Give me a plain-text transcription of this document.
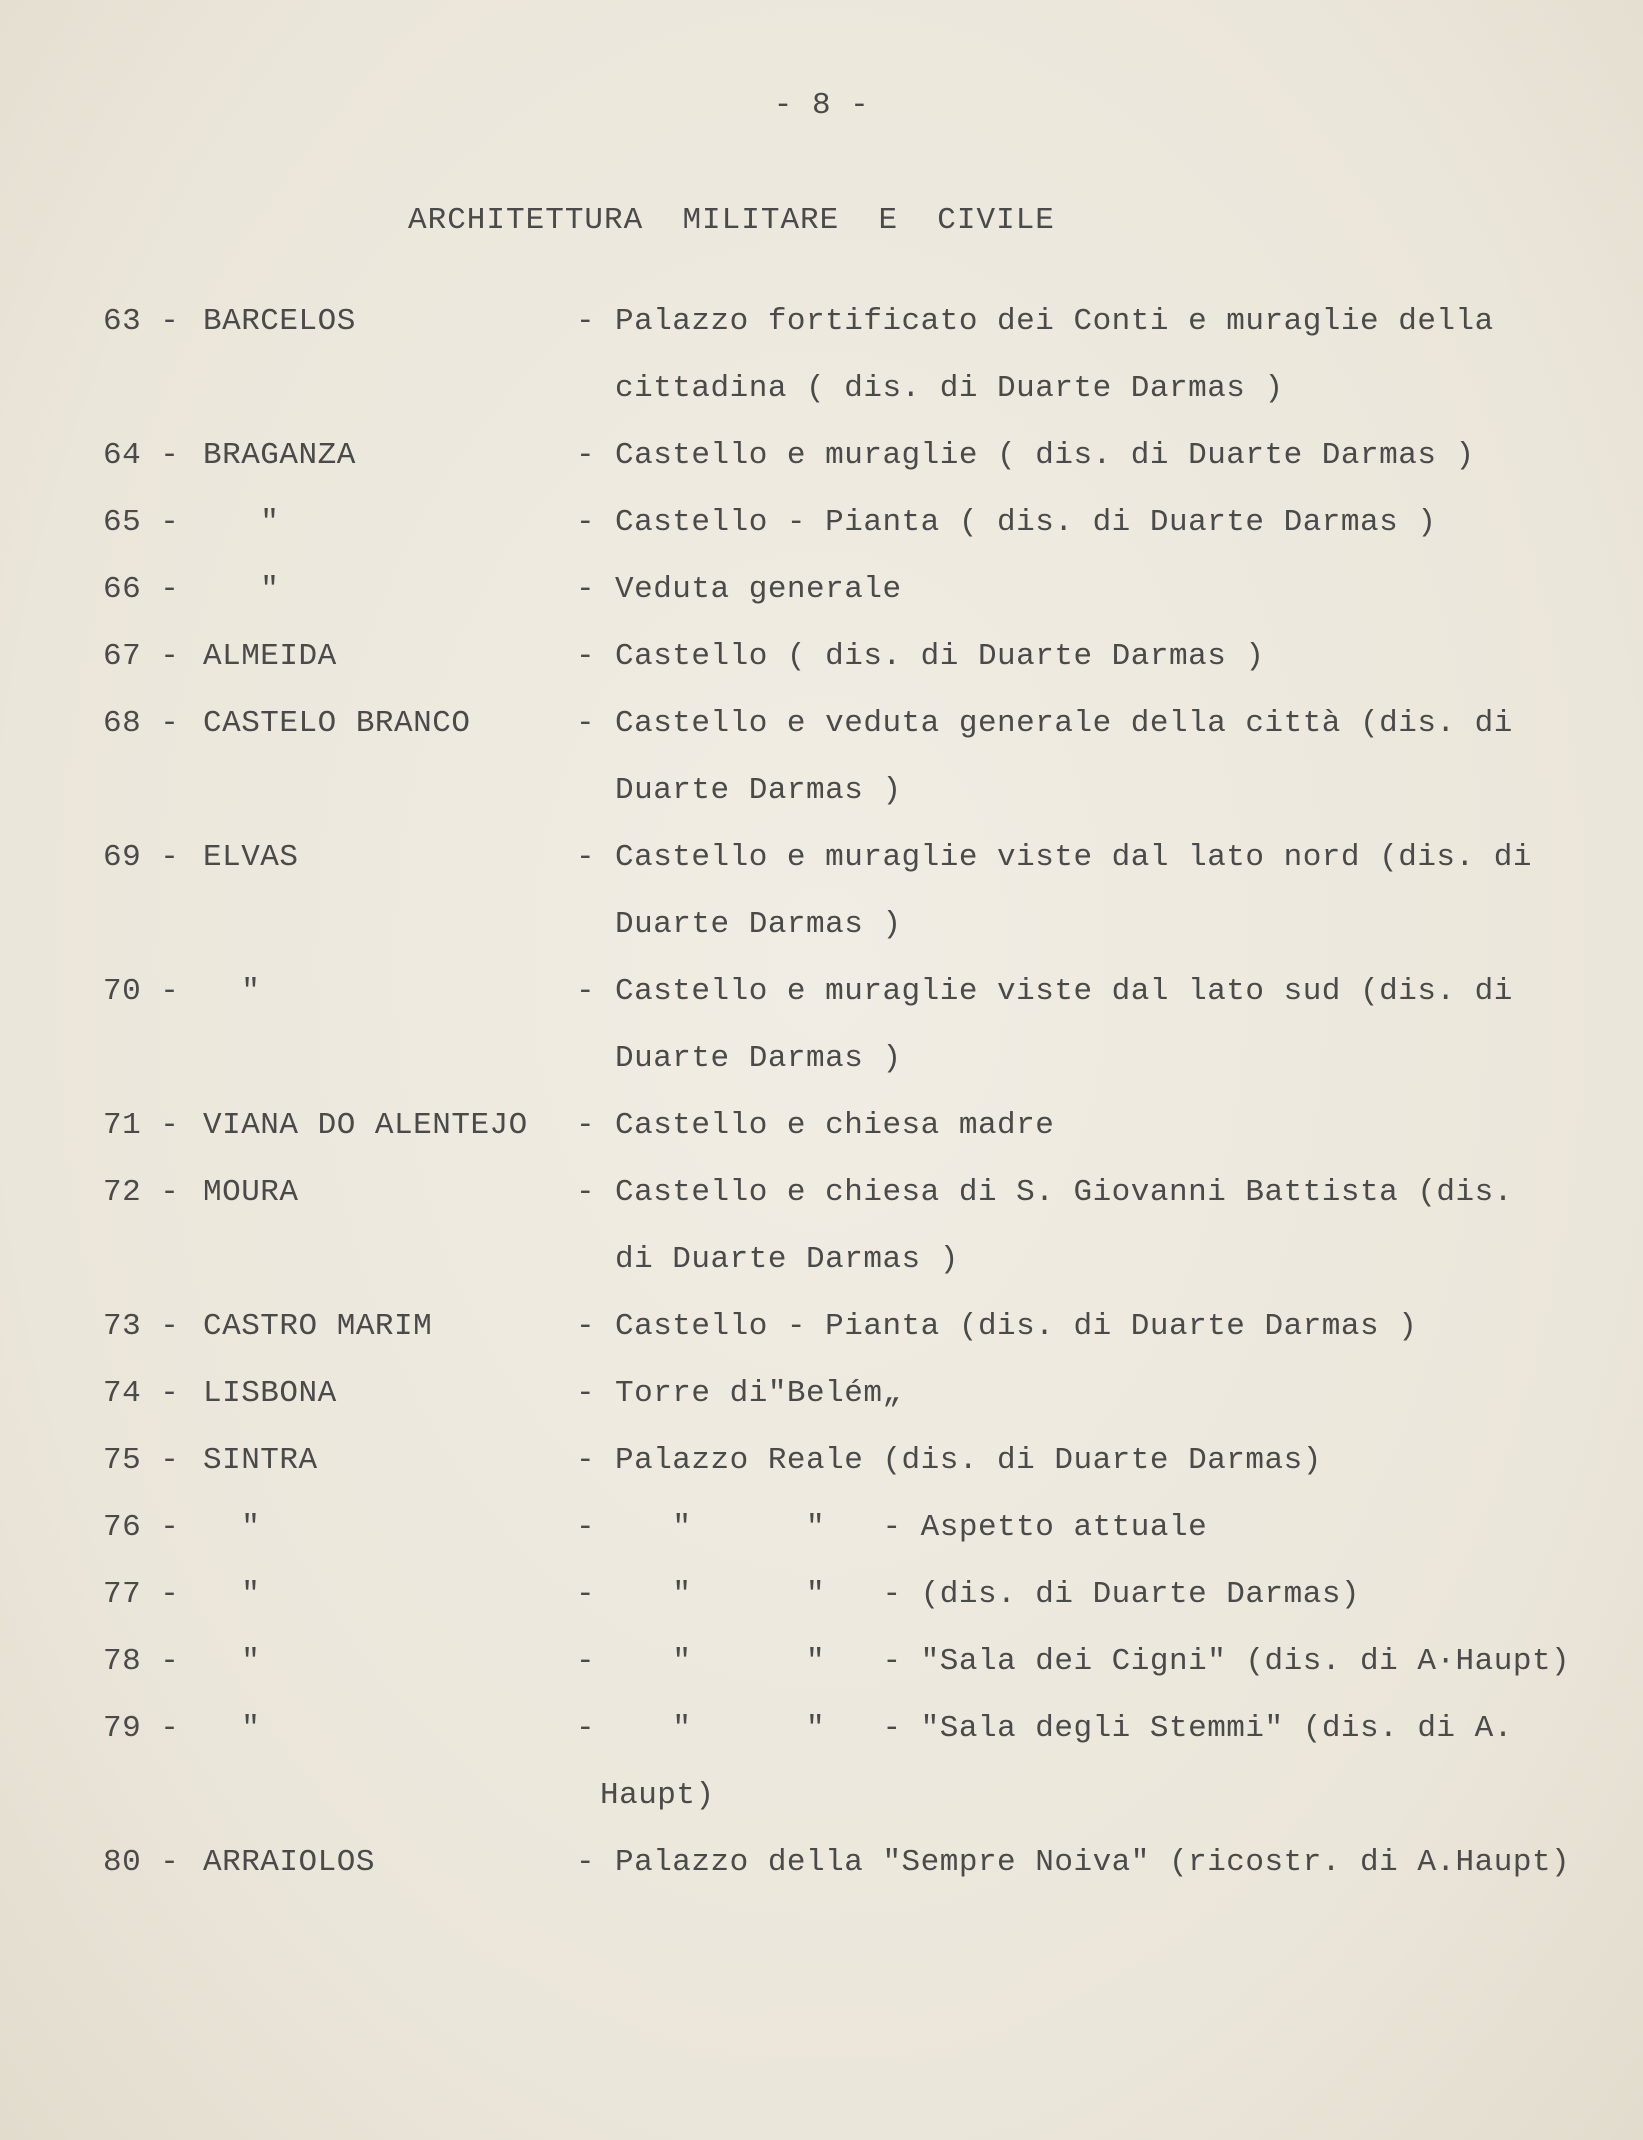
- 8 -
ARCHITETTURA  MILITARE  E  CIVILE
63 - BARCELOS	- Palazzo fortificato dei Conti e muraglie della
cittadina ( dis. di Duarte Darmas )
64 - BRAGANZA	- Castello e muraglie ( dis. di Duarte Darmas )
65 - "	- Castello - Pianta ( dis. di Duarte Darmas )
66 - "	- Veduta generale
67 - ALMEIDA	- Castello ( dis. di Duarte Darmas )
68 - CASTELO BRANCO	- Castello e veduta generale della città (dis. di
Duarte Darmas )
69 - ELVAS	- Castello e muraglie viste dal lato nord (dis. di
Duarte Darmas )
70 - "	- Castello e muraglie viste dal lato sud (dis. di
Duarte Darmas )
71 - VIANA DO ALENTEJO - Castello e chiesa madre
72 - MOURA	- Castello e chiesa di S. Giovanni Battista (dis.
di Duarte Darmas )
73 - CASTRO MARIM	- Castello - Pianta (dis. di Duarte Darmas )
74 - LISBONA	- Torre di"Belém„
75 - SINTRA	- Palazzo Reale (dis. di Duarte Darmas)
76 - "	- "      "   - Aspetto attuale
77 - "	- "      "   - (dis. di Duarte Darmas)
78 - "	- "      "   - "Sala dei Cigni" (dis. di A·Haupt)
79 - "	- "      "   - "Sala degli Stemmi" (dis. di A.
Haupt)
80 - ARRAIOLOS	- Palazzo della "Sempre Noiva" (ricostr. di A.Haupt)
